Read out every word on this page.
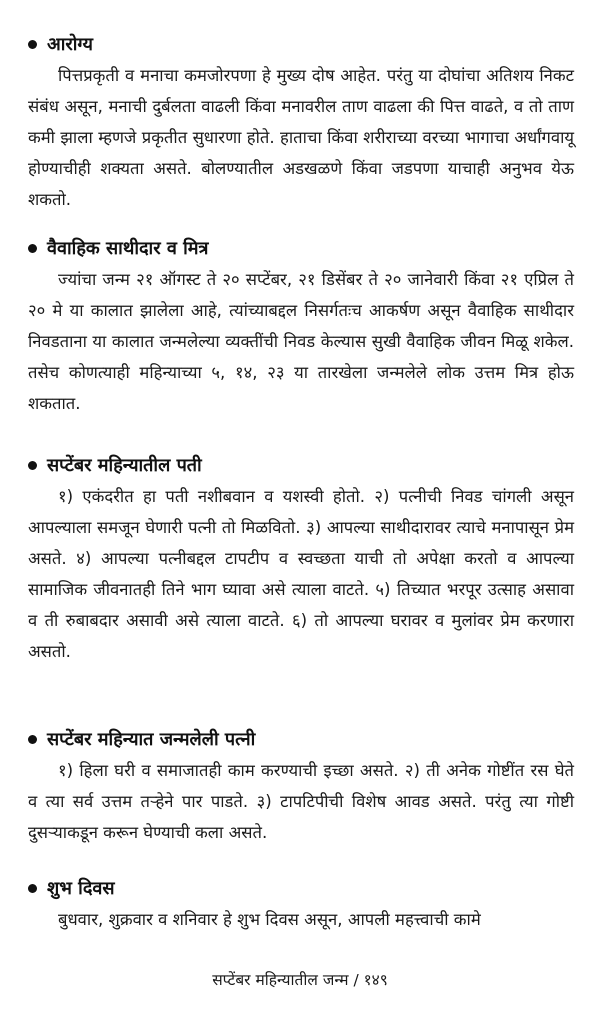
आरोग्य

पित्तप्रकृती व मनाचा कमजोरपणा हे मुख्य दोष आहेत. परंतु या दोघांचा अतिशय निकट संबंध असून, मनाची दुर्बलता वाढली किंवा मनावरील ताण वाढला की पित्त वाढते, व तो ताण कमी झाला म्हणजे प्रकृतीत सुधारणा होते. हाताचा किंवा शरीराच्या वरच्या भागाचा अर्धांगवायू होण्याचीही शक्यता असते. बोलण्यातील अडखळणे किंवा जडपणा याचाही अनुभव येऊ शकतो.

वैवाहिक साथीदार व मित्र

ज्यांचा जन्म २१ ऑगस्ट ते २० सप्टेंबर, २१ डिसेंबर ते २० जानेवारी किंवा २१ एप्रिल ते २० मे या कालात झालेला आहे, त्यांच्याबद्दल निसर्गतःच आकर्षण असून वैवाहिक साथीदार निवडताना या कालात जन्मलेल्या व्यक्तींची निवड केल्यास सुखी वैवाहिक जीवन मिळू शकेल. तसेच कोणत्याही महिन्याच्या ५, १४, २३ या तारखेला जन्मलेले लोक उत्तम मित्र होऊ शकतात.

सप्टेंबर महिन्यातील पती

१) एकंदरीत हा पती नशीबवान व यशस्वी होतो. २) पत्नीची निवड चांगली असून आपल्याला समजून घेणारी पत्नी तो मिळवितो. ३) आपल्या साथीदारावर त्याचे मनापासून प्रेम असते. ४) आपल्या पत्नीबद्दल टापटीप व स्वच्छता याची तो अपेक्षा करतो व आपल्या सामाजिक जीवनातही तिने भाग घ्यावा असे त्याला वाटते. ५) तिच्यात भरपूर उत्साह असावा व ती रुबाबदार असावी असे त्याला वाटते. ६) तो आपल्या घरावर व मुलांवर प्रेम करणारा असतो.

सप्टेंबर महिन्यात जन्मलेली पत्नी

१) हिला घरी व समाजातही काम करण्याची इच्छा असते. २) ती अनेक गोष्टींत रस घेते व त्या सर्व उत्तम तऱ्हेने पार पाडते. ३) टापटिपीची विशेष आवड असते. परंतु त्या गोष्टी दुसऱ्याकडून करून घेण्याची कला असते.

शुभ दिवस

बुधवार, शुक्रवार व शनिवार हे शुभ दिवस असून, आपली महत्त्वाची कामे

सप्टेंबर महिन्यातील जन्म / १४९
